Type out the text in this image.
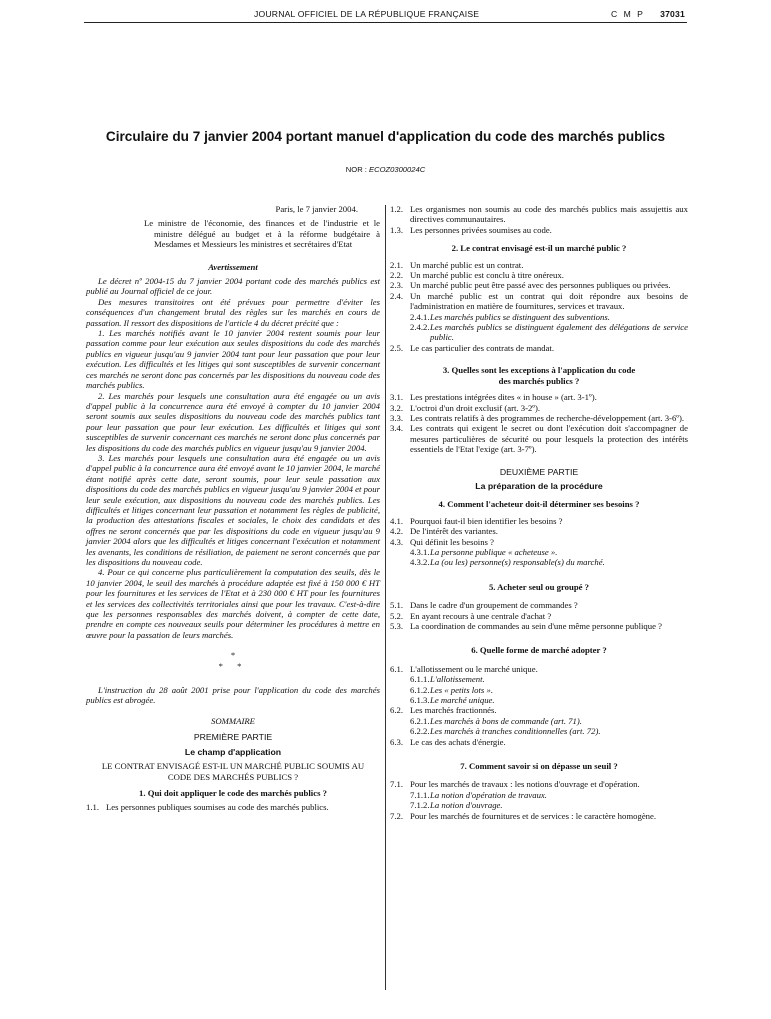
JOURNAL OFFICIEL DE LA RÉPUBLIQUE FRANÇAISE	C M P 37031
Circulaire du 7 janvier 2004 portant manuel d'application du code des marchés publics
NOR : ECOZ0300024C

Paris, le 7 janvier 2004.

Le ministre de l'économie, des finances et de l'industrie et le ministre délégué au budget et à la réforme budgétaire à Mesdames et Messieurs les ministres et secrétaires d'Etat

Avertissement

Le décret nº 2004-15 du 7 janvier 2004 portant code des marchés publics est publié au Journal officiel de ce jour.

Des mesures transitoires ont été prévues pour permettre d'éviter les conséquences d'un changement brutal des règles sur les marchés en cours de passation. Il ressort des dispositions de l'article 4 du décret précité que :

1. Les marchés notifiés avant le 10 janvier 2004 restent soumis pour leur passation comme pour leur exécution aux seules dispositions du code des marchés publics en vigueur jusqu'au 9 janvier 2004 tant pour leur passation que pour leur exécution. Les difficultés et les litiges qui sont susceptibles de survenir concernant ces marchés ne seront donc pas concernés par les dispositions du nouveau code des marchés publics.

2. Les marchés pour lesquels une consultation aura été engagée ou un avis d'appel public à la concurrence aura été envoyé à compter du 10 janvier 2004 seront soumis aux seules dispositions du nouveau code des marchés publics tant pour leur passation que pour leur exécution. Les difficultés et litiges qui sont susceptibles de survenir concernant ces marchés ne seront donc plus concernés par les dispositions du code des marchés publics en vigueur jusqu'au 9 janvier 2004.

3. Les marchés pour lesquels une consultation aura été engagée ou un avis d'appel public à la concurrence aura été envoyé avant le 10 janvier 2004, le marché étant notifié après cette date, seront soumis, pour leur seule passation aux dispositions du code des marchés publics en vigueur jusqu'au 9 janvier 2004 et pour leur seule exécution, aux dispositions du nouveau code des marchés publics. Les difficultés et litiges concernant leur passation et notamment les règles de publicité, la production des attestations fiscales et sociales, le choix des candidats et des offres ne seront concernés que par les dispositions du code en vigueur jusqu'au 9 janvier 2004 alors que les difficultés et litiges concernant l'exécution et notamment les avenants, les conditions de résiliation, de paiement ne seront concernés que par les dispositions du nouveau code.

4. Pour ce qui concerne plus particulièrement la computation des seuils, dès le 10 janvier 2004, le seuil des marchés à procédure adaptée est fixé à 150 000 € HT pour les fournitures et les services de l'Etat et à 230 000 € HT pour les fournitures et les services des collectivités territoriales ainsi que pour les travaux. C'est-à-dire que les personnes responsables des marchés doivent, à compter de cette date, prendre en compte ces nouveaux seuils pour déterminer les procédures à mettre en œuvre pour la passation de leurs marchés.

*

* *

L'instruction du 28 août 2001 prise pour l'application du code des marchés publics est abrogée.

SOMMAIRE

PREMIÈRE PARTIE

Le champ d'application

LE CONTRAT ENVISAGÉ EST-IL UN MARCHÉ PUBLIC SOUMIS AU CODE DES MARCHÉS PUBLICS ?

1. Qui doit appliquer le code des marchés publics ?

1.1. Les personnes publiques soumises au code des marchés publics.
1.2. Les organismes non soumis au code des marchés publics mais assujettis aux directives communautaires.
1.3. Les personnes privées soumises au code.

2. Le contrat envisagé est-il un marché public ?

2.1. Un marché public est un contrat.
2.2. Un marché public est conclu à titre onéreux.
2.3. Un marché public peut être passé avec des personnes publiques ou privées.
2.4. Un marché public est un contrat qui doit répondre aux besoins de l'administration en matière de fournitures, services et travaux.
2.4.1. Les marchés publics se distinguent des subventions.
2.4.2. Les marchés publics se distinguent également des délégations de service public.
2.5. Le cas particulier des contrats de mandat.

3. Quelles sont les exceptions à l'application du code des marchés publics ?

3.1. Les prestations intégrées dites « in house » (art. 3-1º).
3.2. L'octroi d'un droit exclusif (art. 3-2º).
3.3. Les contrats relatifs à des programmes de recherche-développement (art. 3-6º).
3.4. Les contrats qui exigent le secret ou dont l'exécution doit s'accompagner de mesures particulières de sécurité ou pour lesquels la protection des intérêts essentiels de l'Etat l'exige (art. 3-7º).

DEUXIÈME PARTIE

La préparation de la procédure

4. Comment l'acheteur doit-il déterminer ses besoins ?

4.1. Pourquoi faut-il bien identifier les besoins ?
4.2. De l'intérêt des variantes.
4.3. Qui définit les besoins ?
4.3.1. La personne publique « acheteuse ».
4.3.2. La (ou les) personne(s) responsable(s) du marché.

5. Acheter seul ou groupé ?

5.1. Dans le cadre d'un groupement de commandes ?
5.2. En ayant recours à une centrale d'achat ?
5.3. La coordination de commandes au sein d'une même personne publique ?

6. Quelle forme de marché adopter ?

6.1. L'allotissement ou le marché unique.
6.1.1. L'allotissement.
6.1.2. Les « petits lots ».
6.1.3. Le marché unique.
6.2. Les marchés fractionnés.
6.2.1. Les marchés à bons de commande (art. 71).
6.2.2. Les marchés à tranches conditionnelles (art. 72).
6.3. Le cas des achats d'énergie.

7. Comment savoir si on dépasse un seuil ?

7.1. Pour les marchés de travaux : les notions d'ouvrage et d'opération.
7.1.1. La notion d'opération de travaux.
7.1.2. La notion d'ouvrage.
7.2. Pour les marchés de fournitures et de services : le caractère homogène.
